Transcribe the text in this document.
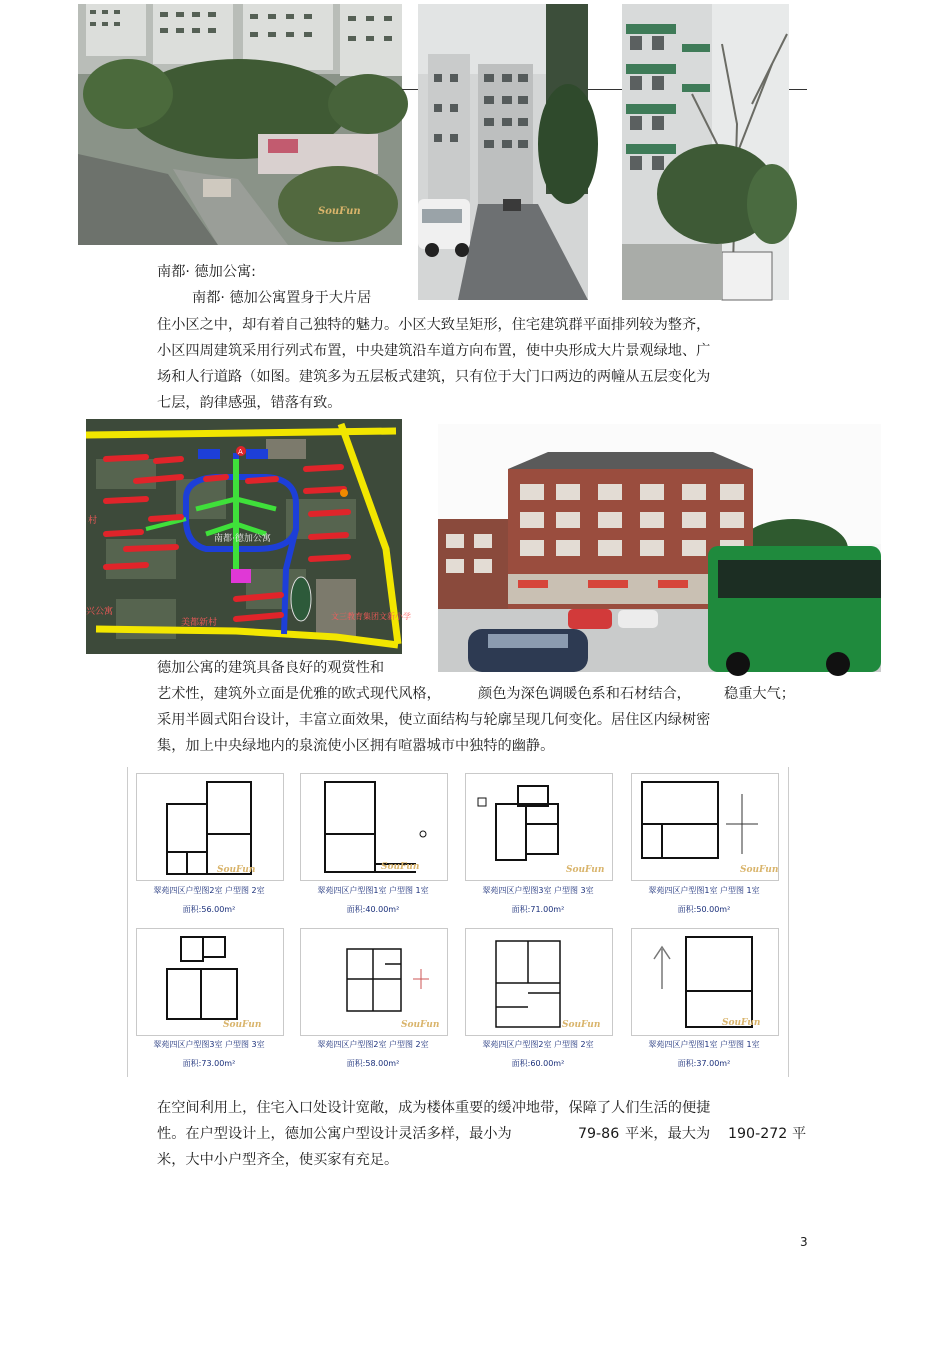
SouFun
南都· 德加公寓:
南都· 德加公寓置身于大片居
住小区之中，却有着自己独特的魅力。小区大致呈矩形，住宅建筑群平面排列较为整齐，
小区四周建筑采用行列式布置，中央建筑沿车道方向布置，使中央形成大片景观绿地、广
场和人行道路（如图。建筑多为五层板式建筑，只有位于大门口两边的两幢从五层变化为
七层，韵律感强，错落有致。
A
南都·德加公寓
美都新村
文三教育集团文新小学
兴公寓
村
德加公寓的建筑具备良好的观赏性和
艺术性，建筑外立面是优雅的欧式现代风格，	颜色为深色调暖色系和石材结合， 稳重大气；
采用半圆式阳台设计，丰富立面效果，使立面结构与轮廓呈现几何变化。居住区内绿树密
集，加上中央绿地内的泉流使小区拥有喧嚣城市中独特的幽静。
SouFun	SouFun	SouFun	SouFun
翠苑四区户型图2室 户型图 2室
面积:56.00m²
翠苑四区户型图1室 户型图 1室
面积:40.00m²
翠苑四区户型图3室 户型图 3室
面积:71.00m²
翠苑四区户型图1室 户型图 1室
面积:50.00m²
SouFun	SouFun	SouFun	SouFun
翠苑四区户型图3室 户型图 3室
面积:73.00m²
翠苑四区户型图2室 户型图 2室
面积:58.00m²
翠苑四区户型图2室 户型图 2室
面积:60.00m²
翠苑四区户型图1室 户型图 1室
面积:37.00m²
在空间利用上，住宅入口处设计宽敞，成为楼体重要的缓冲地带，保障了人们生活的便捷
性。在户型设计上，德加公寓户型设计灵活多样，最小为	79-86 平米，最大为 190-272 平
米，大中小户型齐全，使买家有充足。
3
